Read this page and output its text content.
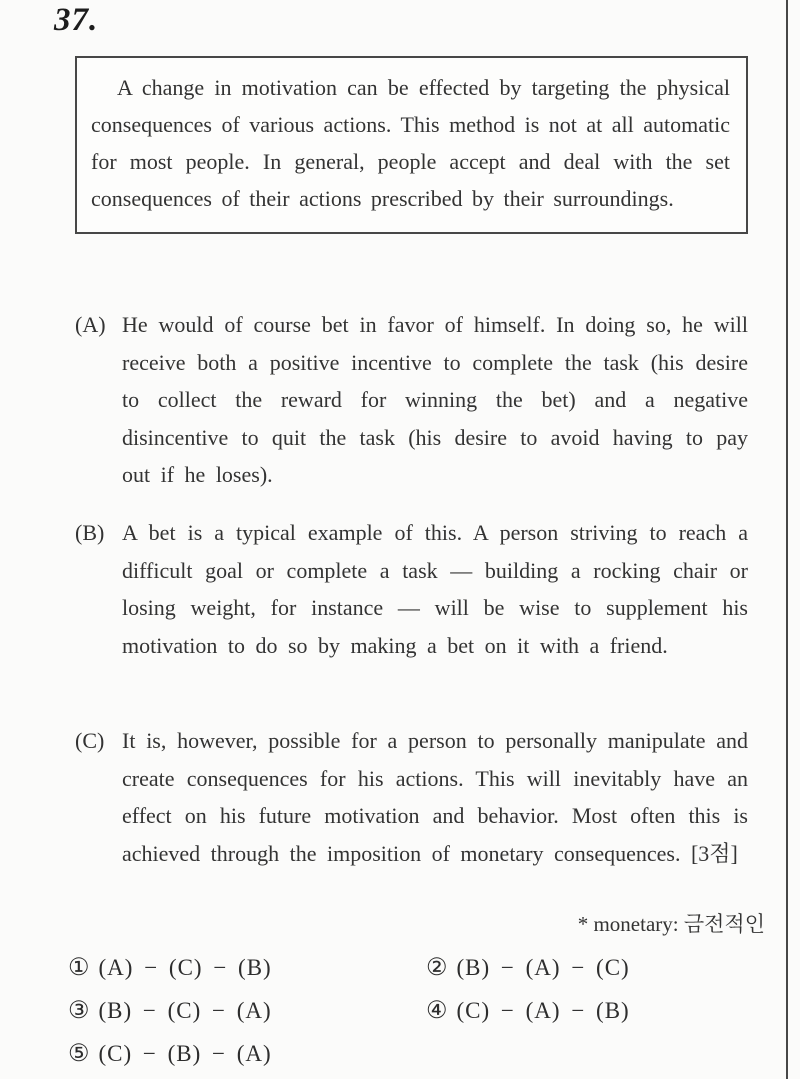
37.
A change in motivation can be effected by targeting the physical consequences of various actions. This method is not at all automatic for most people. In general, people accept and deal with the set consequences of their actions prescribed by their surroundings.
(A) He would of course bet in favor of himself. In doing so, he will receive both a positive incentive to complete the task (his desire to collect the reward for winning the bet) and a negative disincentive to quit the task (his desire to avoid having to pay out if he loses).
(B) A bet is a typical example of this. A person striving to reach a difficult goal or complete a task — building a rocking chair or losing weight, for instance — will be wise to supplement his motivation to do so by making a bet on it with a friend.
(C) It is, however, possible for a person to personally manipulate and create consequences for his actions. This will inevitably have an effect on his future motivation and behavior. Most often this is achieved through the imposition of monetary consequences. [3점]
* monetary: 금전적인
① (A) − (C) − (B)	② (B) − (A) − (C)
③ (B) − (C) − (A)	④ (C) − (A) − (B)
⑤ (C) − (B) − (A)
